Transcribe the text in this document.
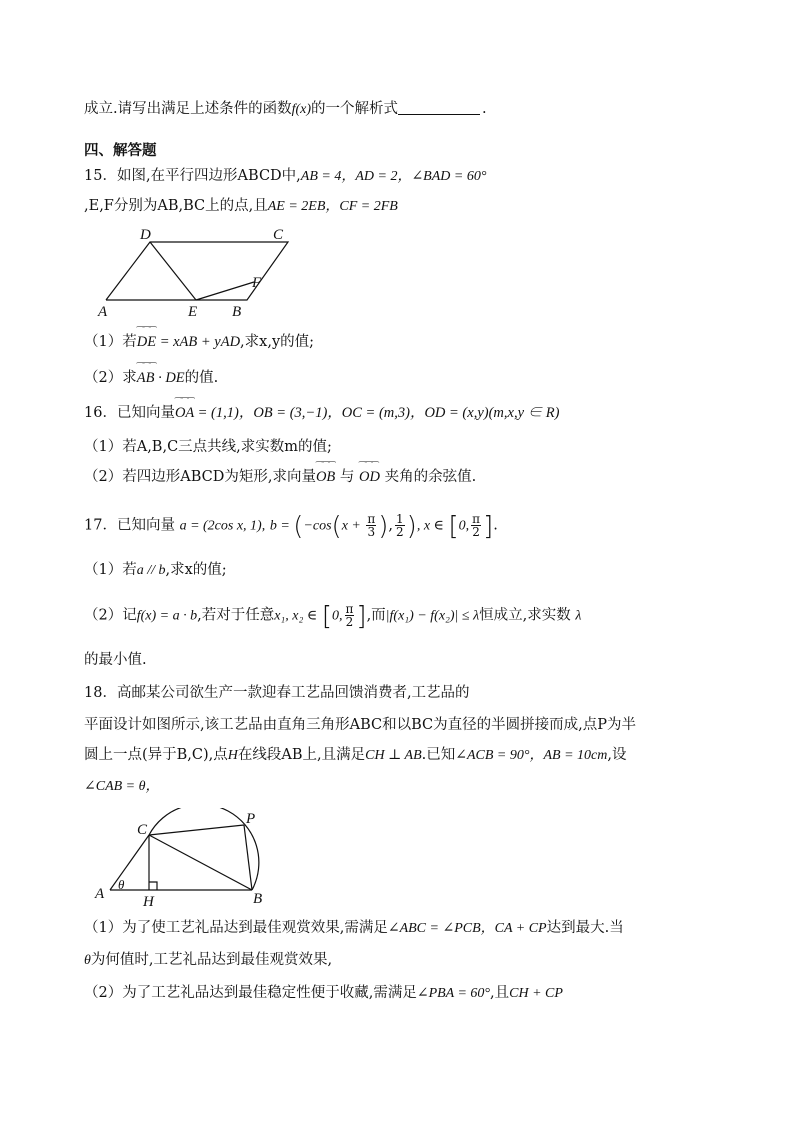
成立.请写出满足上述条件的函数f(x)的一个解析式	.
四、解答题
15．如图,在平行四边形ABCD中,AB = 4，AD = 2，∠BAD = 60°
,E,F分别为AB,BC上的点,且AE = 2EB，CF = 2FB
D	C
F
A	E B
（1）若⁀⁀⁀ DE = xAB + yAD,求x,y的值;
（2）求⁀⁀⁀ AB · DE的值.
16．已知向量⁀⁀⁀ OA = (1,1)，OB = (3,−1)，OC = (m,3)，OD = (x,y)(m,x,y ∈ R)
（1）若A,B,C三点共线,求实数m的值;
（2）若四边形ABCD为矩形,求向量⁀⁀⁀ OB 与 ⁀⁀⁀ OD 夹角的余弦值.
17．已知向量 a = (2cos x, 1), $b = (-\cos(x + \frac{\pi}{3}$ ), $\frac{1}{2}$ ), x ∈ [0, $\frac{\pi}{2}$ ].
（1）若a // b,求x的值;
（2）记f(x) = a · b,若对于任意x₁, x₂ ∈ [0, $\frac{\pi}{2}$ ],而|f(x₁) − f(x₂)| ≤ λ恒成立,求实数 λ
的最小值.
18．高邮某公司欲生产一款迎春工艺品回馈消费者,工艺品的
平面设计如图所示,该工艺品由直角三角形ABC和以BC为直径的半圆拼接而成,点P为半
圆上一点(异于B,C),点H在线段AB上,且满足CH ⊥ AB.已知∠ACB = 90°，AB = 10cm,设
∠CAB = θ，
C
P
A
θ
H	B
（1）为了使工艺礼品达到最佳观赏效果,需满足∠ABC = ∠PCB，CA + CP达到最大.当
θ为何值时,工艺礼品达到最佳观赏效果,
（2）为了工艺礼品达到最佳稳定性便于收藏,需满足∠PBA = 60°,且CH + CP
